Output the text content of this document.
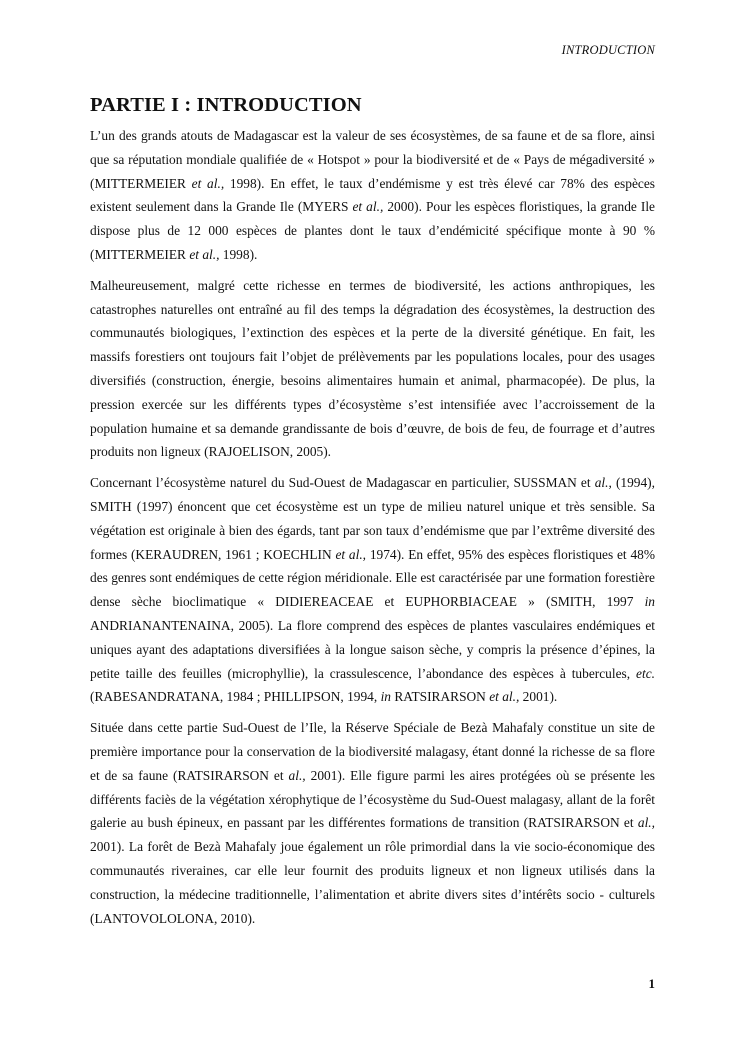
INTRODUCTION
PARTIE I : INTRODUCTION

L’un des grands atouts de Madagascar est la valeur de ses écosystèmes, de sa faune et de sa flore, ainsi que sa réputation mondiale qualifiée de « Hotspot » pour la biodiversité et de « Pays de mégadiversité » (MITTERMEIER et al., 1998). En effet, le taux d’endémisme y est très élevé car 78% des espèces existent seulement dans la Grande Ile (MYERS et al., 2000). Pour les espèces floristiques, la grande Ile dispose plus de 12 000 espèces de plantes dont le taux d’endémicité spécifique monte à 90 % (MITTERMEIER et al., 1998).

Malheureusement, malgré cette richesse en termes de biodiversité, les actions anthropiques, les catastrophes naturelles ont entraîné au fil des temps la dégradation des écosystèmes, la destruction des communautés biologiques, l’extinction des espèces et la perte de la diversité génétique. En fait, les massifs forestiers ont toujours fait l’objet de prélèvements par les populations locales, pour des usages diversifiés (construction, énergie, besoins alimentaires humain et animal, pharmacopée). De plus, la pression exercée sur les différents types d’écosystème s’est intensifiée avec l’accroissement de la population humaine et sa demande grandissante de bois d’œuvre, de bois de feu, de fourrage et d’autres produits non ligneux (RAJOELISON, 2005).

Concernant l’écosystème naturel du Sud-Ouest de Madagascar en particulier, SUSSMAN et al., (1994), SMITH (1997) énoncent que cet écosystème est un type de milieu naturel unique et très sensible. Sa végétation est originale à bien des égards, tant par son taux d’endémisme que par l’extrême diversité des formes (KERAUDREN, 1961 ; KOECHLIN et al., 1974). En effet, 95% des espèces floristiques et 48% des genres sont endémiques de cette région méridionale. Elle est caractérisée par une formation forestière dense sèche bioclimatique « DIDIEREACEAE et EUPHORBIACEAE » (SMITH, 1997 in ANDRIANANTENAINA, 2005). La flore comprend des espèces de plantes vasculaires endémiques et uniques ayant des adaptations diversifiées à la longue saison sèche, y compris la présence d’épines, la petite taille des feuilles (microphyllie), la crassulescence, l’abondance des espèces à tubercules, etc. (RABESANDRATANA, 1984 ; PHILLIPSON, 1994, in RATSIRARSON et al., 2001).

Située dans cette partie Sud-Ouest de l’Ile, la Réserve Spéciale de Bezà Mahafaly constitue un site de première importance pour la conservation de la biodiversité malagasy, étant donné la richesse de sa flore et de sa faune (RATSIRARSON et al., 2001). Elle figure parmi les aires protégées où se présente les différents faciès de la végétation xérophytique de l’écosystème du Sud-Ouest malagasy, allant de la forêt galerie au bush épineux, en passant par les différentes formations de transition (RATSIRARSON et al., 2001). La forêt de Bezà Mahafaly joue également un rôle primordial dans la vie socio-économique des communautés riveraines, car elle leur fournit des produits ligneux et non ligneux utilisés dans la construction, la médecine traditionnelle, l’alimentation et abrite divers sites d’intérêts socio - culturels (LANTOVOLOLONA, 2010).

1
